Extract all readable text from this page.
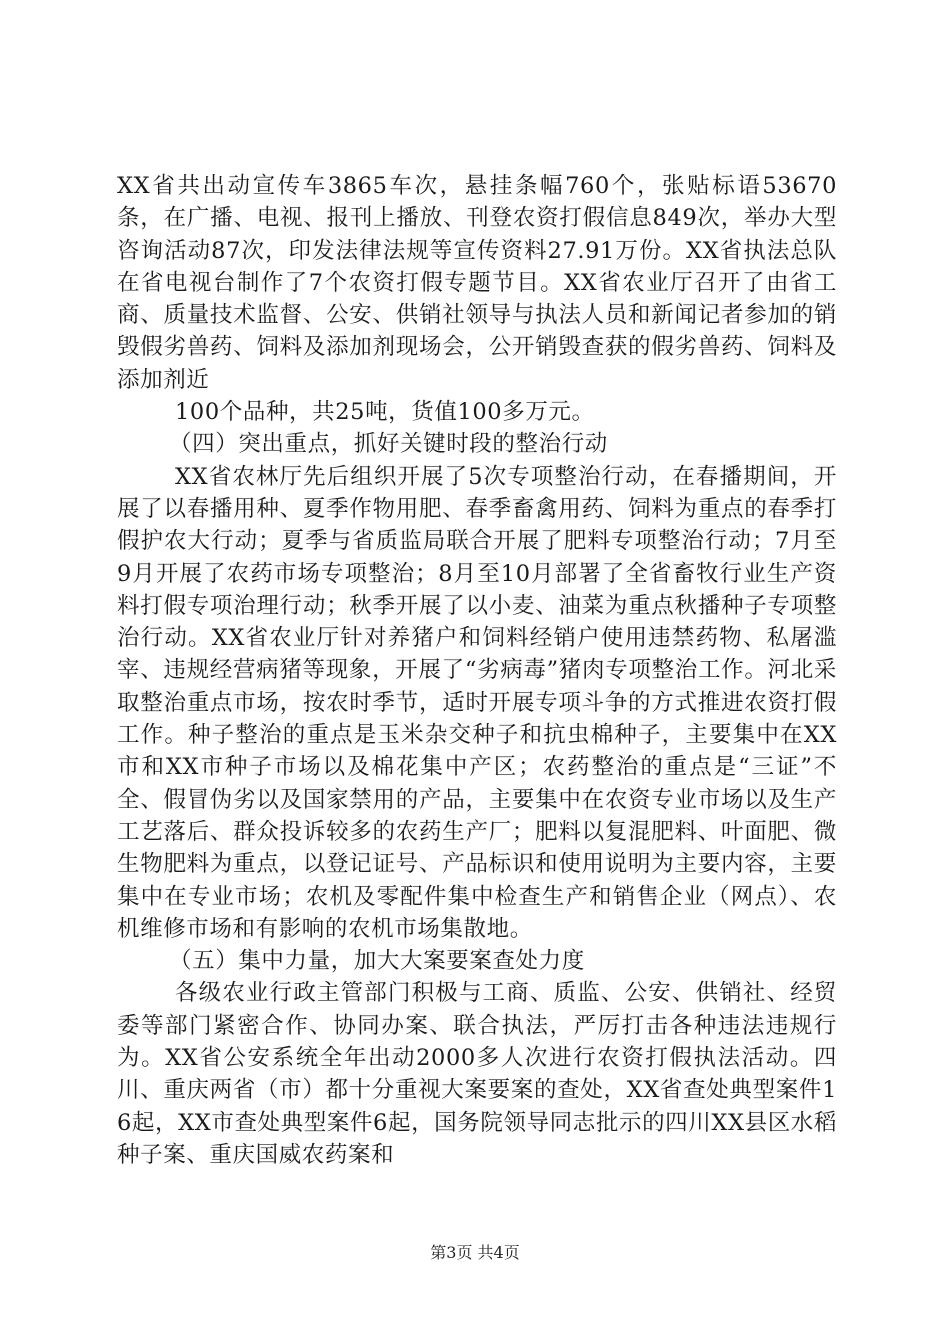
XX省共出动宣传车3865车次，悬挂条幅760个，张贴标语53670条，在广播、电视、报刊上播放、刊登农资打假信息849次，举办大型咨询活动87次，印发法律法规等宣传资料27.91万份。XX省执法总队在省电视台制作了7个农资打假专题节目。XX省农业厅召开了由省工商、质量技术监督、公安、供销社领导与执法人员和新闻记者参加的销毁假劣兽药、饲料及添加剂现场会，公开销毁查获的假劣兽药、饲料及添加剂近

100个品种，共25吨，货值100多万元。

（四）突出重点，抓好关键时段的整治行动

XX省农林厅先后组织开展了5次专项整治行动，在春播期间，开展了以春播用种、夏季作物用肥、春季畜禽用药、饲料为重点的春季打假护农大行动；夏季与省质监局联合开展了肥料专项整治行动；7月至9月开展了农药市场专项整治；8月至10月部署了全省畜牧行业生产资料打假专项治理行动；秋季开展了以小麦、油菜为重点秋播种子专项整治行动。XX省农业厅针对养猪户和饲料经销户使用违禁药物、私屠滥宰、违规经营病猪等现象，开展了“劣病毒”猪肉专项整治工作。河北采取整治重点市场，按农时季节，适时开展专项斗争的方式推进农资打假工作。种子整治的重点是玉米杂交种子和抗虫棉种子，主要集中在XX市和XX市种子市场以及棉花集中产区；农药整治的重点是“三证”不全、假冒伪劣以及国家禁用的产品，主要集中在农资专业市场以及生产工艺落后、群众投诉较多的农药生产厂；肥料以复混肥料、叶面肥、微生物肥料为重点，以登记证号、产品标识和使用说明为主要内容，主要集中在专业市场；农机及零配件集中检查生产和销售企业（网点）、农机维修市场和有影响的农机市场集散地。

（五）集中力量，加大大案要案查处力度

各级农业行政主管部门积极与工商、质监、公安、供销社、经贸委等部门紧密合作、协同办案、联合执法，严厉打击各种违法违规行为。XX省公安系统全年出动2000多人次进行农资打假执法活动。四川、重庆两省（市）都十分重视大案要案的查处，XX省查处典型案件16起，XX市查处典型案件6起，国务院领导同志批示的四川XX县区水稻种子案、重庆国威农药案和

第3页 共4页
